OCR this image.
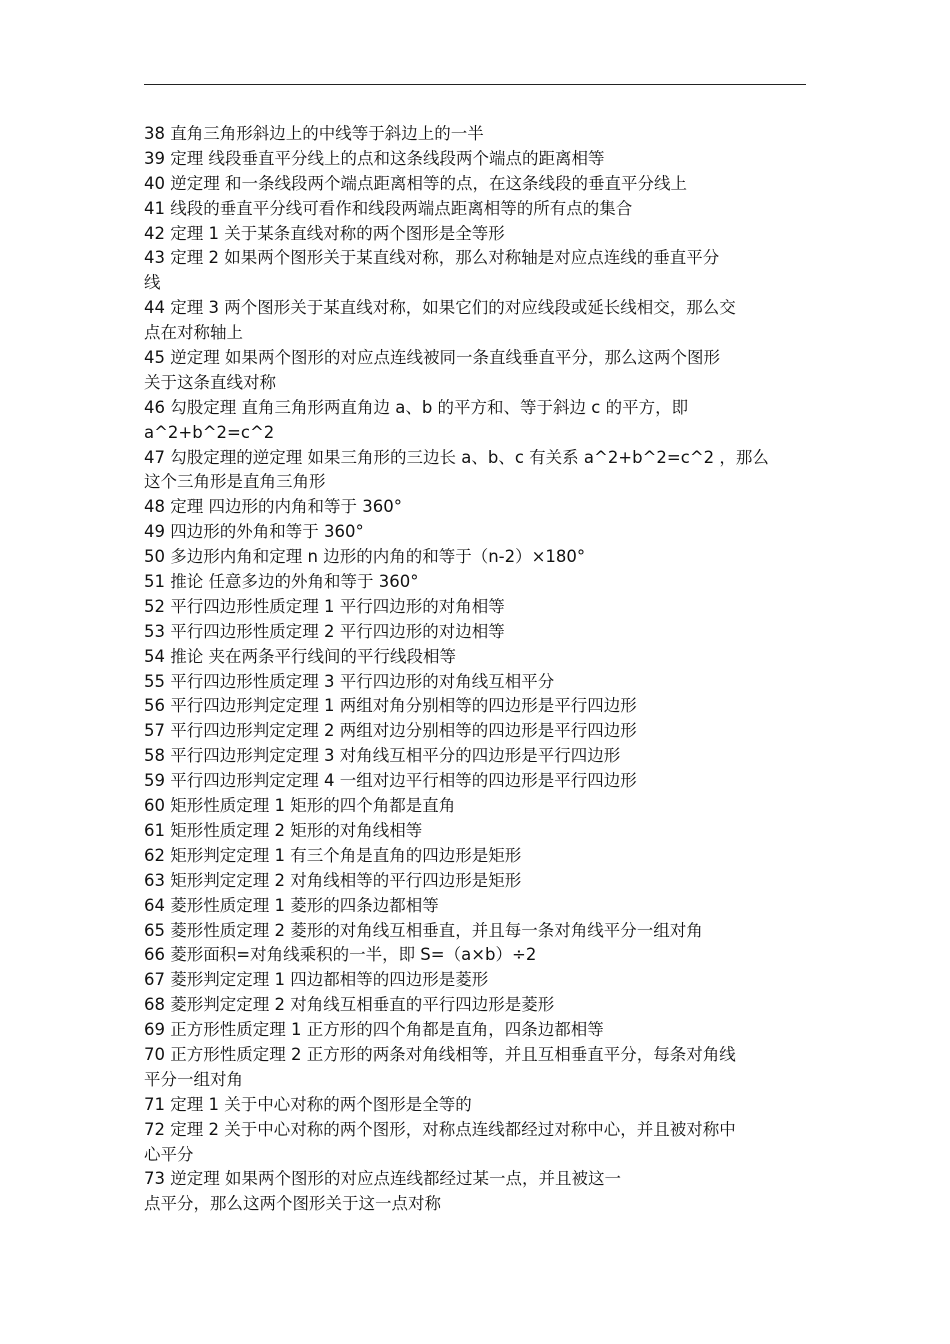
38 直角三角形斜边上的中线等于斜边上的一半
39 定理 线段垂直平分线上的点和这条线段两个端点的距离相等
40 逆定理 和一条线段两个端点距离相等的点，在这条线段的垂直平分线上
41 线段的垂直平分线可看作和线段两端点距离相等的所有点的集合
42 定理 1 关于某条直线对称的两个图形是全等形
43 定理 2 如果两个图形关于某直线对称，那么对称轴是对应点连线的垂直平分
线
44 定理 3 两个图形关于某直线对称，如果它们的对应线段或延长线相交，那么交
点在对称轴上
45 逆定理 如果两个图形的对应点连线被同一条直线垂直平分，那么这两个图形
关于这条直线对称
46 勾股定理 直角三角形两直角边 a、b 的平方和、等于斜边 c 的平方，即
a^2+b^2=c^2
47 勾股定理的逆定理 如果三角形的三边长 a、b、c 有关系 a^2+b^2=c^2 ，那么
这个三角形是直角三角形
48 定理 四边形的内角和等于 360°
49 四边形的外角和等于 360°
50 多边形内角和定理 n 边形的内角的和等于（n-2）×180°
51 推论 任意多边的外角和等于 360°
52 平行四边形性质定理 1 平行四边形的对角相等
53 平行四边形性质定理 2 平行四边形的对边相等
54 推论 夹在两条平行线间的平行线段相等
55 平行四边形性质定理 3 平行四边形的对角线互相平分
56 平行四边形判定定理 1 两组对角分别相等的四边形是平行四边形
57 平行四边形判定定理 2 两组对边分别相等的四边形是平行四边形
58 平行四边形判定定理 3 对角线互相平分的四边形是平行四边形
59 平行四边形判定定理 4 一组对边平行相等的四边形是平行四边形
60 矩形性质定理 1 矩形的四个角都是直角
61 矩形性质定理 2 矩形的对角线相等
62 矩形判定定理 1 有三个角是直角的四边形是矩形
63 矩形判定定理 2 对角线相等的平行四边形是矩形
64 菱形性质定理 1 菱形的四条边都相等
65 菱形性质定理 2 菱形的对角线互相垂直，并且每一条对角线平分一组对角
66 菱形面积=对角线乘积的一半，即 S=（a×b）÷2
67 菱形判定定理 1 四边都相等的四边形是菱形
68 菱形判定定理 2 对角线互相垂直的平行四边形是菱形
69 正方形性质定理 1 正方形的四个角都是直角，四条边都相等
70 正方形性质定理 2 正方形的两条对角线相等，并且互相垂直平分，每条对角线
平分一组对角
71 定理 1 关于中心对称的两个图形是全等的
72 定理 2 关于中心对称的两个图形，对称点连线都经过对称中心，并且被对称中
心平分
73 逆定理 如果两个图形的对应点连线都经过某一点，并且被这一
点平分，那么这两个图形关于这一点对称
